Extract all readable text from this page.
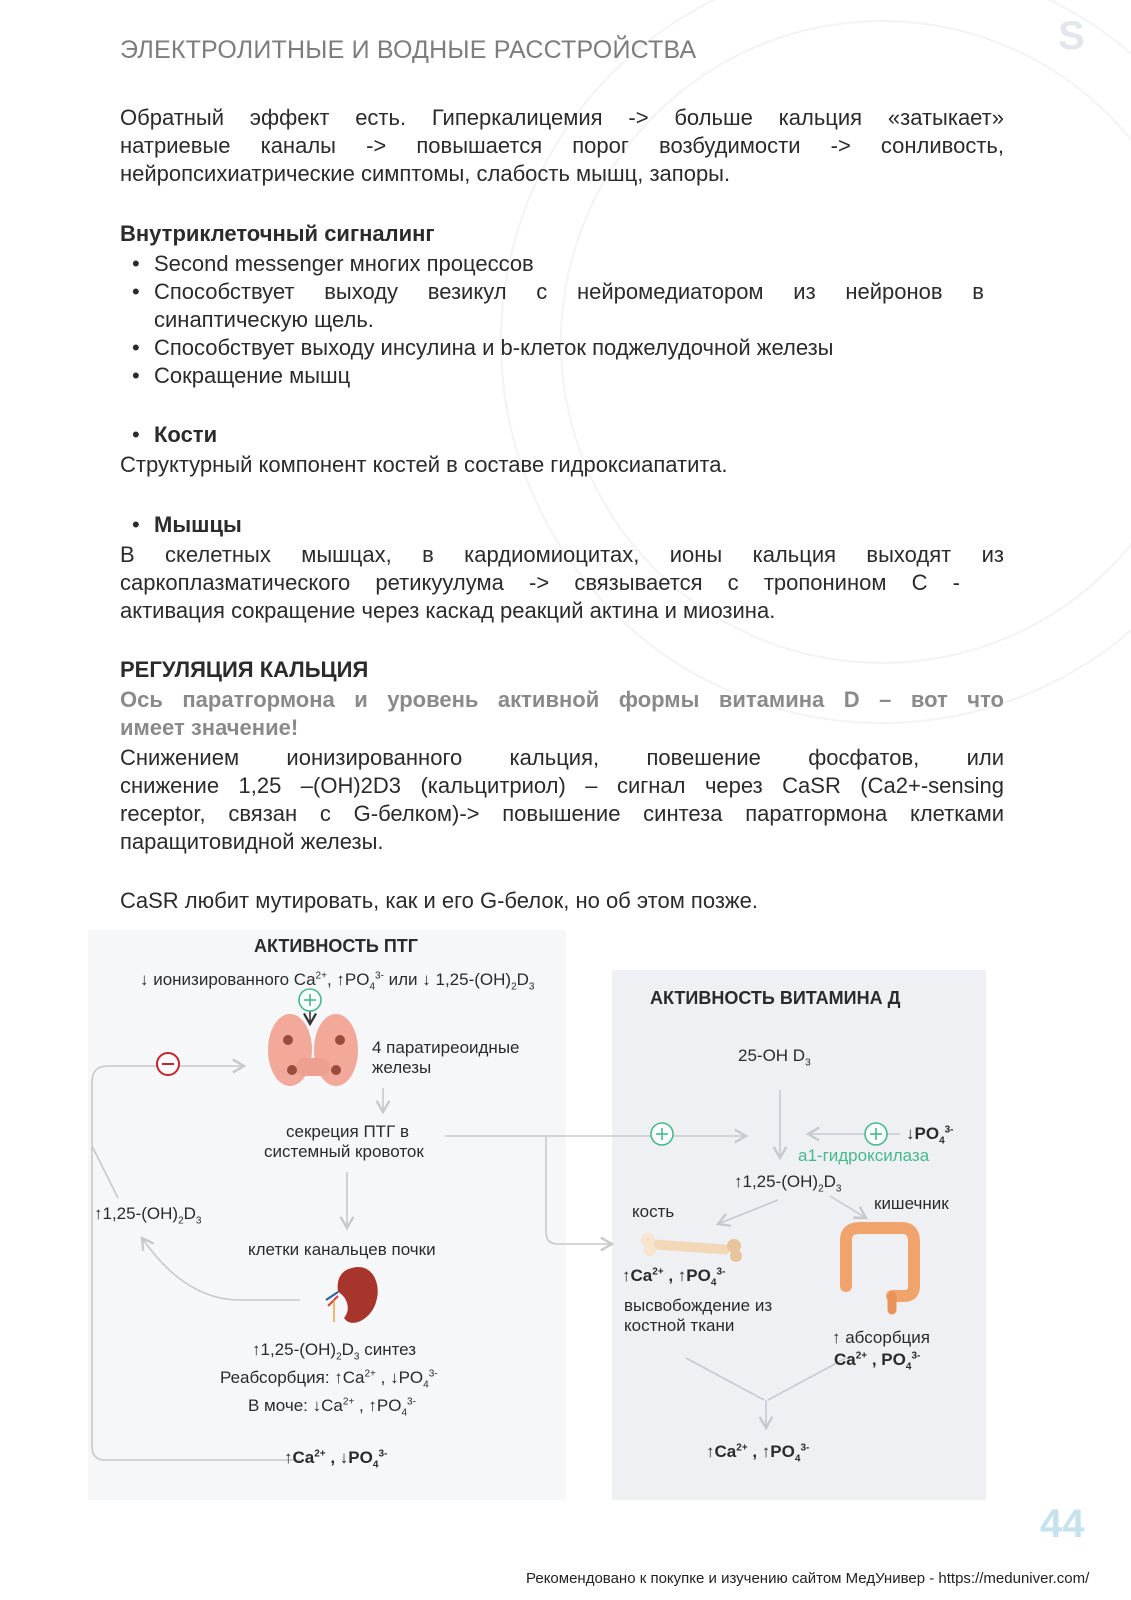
ЭЛЕКТРОЛИТНЫЕ И ВОДНЫЕ РАССТРОЙСТВА	S
Обратный эффект есть. Гиперкалицемия -> больше кальция «затыкает»
натриевые каналы -> повышается порог возбудимости -> сонливость,
нейропсихиатрические симптомы, слабость мышц, запоры.
Внутриклеточный сигналинг
• Second messenger многих процессов
• Способствует выходу везикул с нейромедиатором из нейронов в
синаптическую щель.
• Способствует выходу инсулина и b-клеток поджелудочной железы
• Сокращение мышц
• Кости
Структурный компонент костей в составе гидроксиапатита.
• Мышцы
В скелетных мышцах, в кардиомиоцитах, ионы кальция выходят из
саркоплазматического ретикуулума -> связывается с тропонином С -
активация сокращение через каскад реакций актина и миозина.
РЕГУЛЯЦИЯ КАЛЬЦИЯ
Ось паратгормона и уровень активной формы витамина D – вот что
имеет значение!
Снижением ионизированного кальция, повешение фосфатов, или
снижение 1,25 –(OH)2D3 (кальцитриол) – сигнал через CaSR (Ca2+-sensing
receptor, связан с G-белком)-> повышение синтеза паратгормона клетками
паращитовидной железы.
CaSR любит мутировать, как и его G-белок, но об этом позже.
АКТИВНОСТЬ ПТГ
АКТИВНОСТЬ ВИТАМИНА Д
↓ ионизированного $Ca^{2+}$, $↑PO_4^{3-}$ или ↓ $1,25-(OH)_2D_3$
4 паратиреоидные
железы
секреция ПТГ в
системный кровоток
$↑1,25-(OH)_2D_3$
клетки канальцев почки
$↑1,25-(OH)_2D_3$ синтез
Реабсорбция: $↑Ca^{2+}$ , $↓PO_4^{3-}$
В моче: $↓Ca^{2+}$ , $↑PO_4^{3-}$
$↑Ca^{2+}$ , $↓PO_4^{3-}$
25-OH $D_3$
$↓PO_4^{3-}$
a1-гидроксилаза
$↑1,25-(OH)_2D_3$
кость	кишечник
$↑Ca^{2+}$ , $↑PO_4^{3-}$
высвобождение из
костной ткани
↑ абсорбция
$Ca^{2+}$ , $PO_4^{3-}$
$↑Ca^{2+}$ , $↑PO_4^{3-}$
44
Рекомендовано к покупке и изучению сайтом МедУнивер - https://meduniver.com/
